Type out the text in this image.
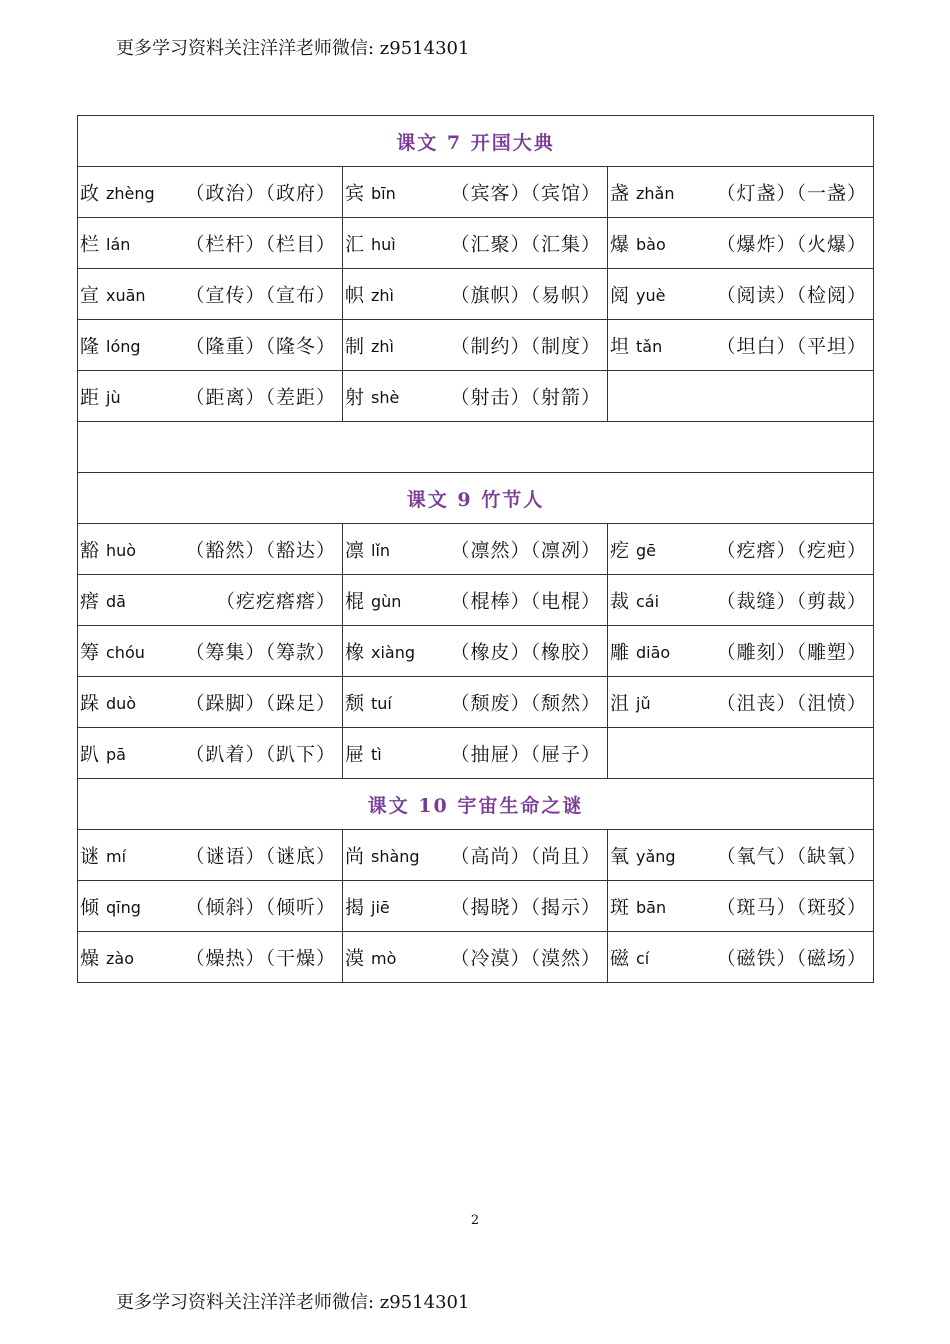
更多学习资料关注洋洋老师微信: z9514301
课文 7 开国大典		

政 zhèng （政治）（政府）	宾 bīn （宾客）（宾馆）	盏 zhǎn （灯盏）（一盏）

栏 lán （栏杆）（栏目）	汇 huì （汇聚）（汇集）	爆 bào （爆炸）（火爆）

宣 xuān （宣传）（宣布）	帜 zhì （旗帜）（易帜）	阅 yuè （阅读）（检阅）

隆 lóng （隆重）（隆冬）	制 zhì （制约）（制度）	坦 tǎn （坦白）（平坦）

距 jù （距离）（差距）	射 shè （射击）（射箭）	

课文 9 竹节人		

豁 huò （豁然）（豁达）	凛 lǐn （凛然）（凛冽）	疙 gē （疙瘩）（疙疤）

瘩 dā （疙疙瘩瘩）	棍 gùn （棍棒）（电棍）	裁 cái （裁缝）（剪裁）

筹 chóu （筹集）（筹款）	橡 xiàng （橡皮）（橡胶）	雕 diāo （雕刻）（雕塑）

跺 duò （跺脚）（跺足）	颓 tuí （颓废）（颓然）	沮 jǔ （沮丧）（沮愤）

趴 pā （趴着）（趴下）	屉 tì （抽屉）（屉子）	

课文 10 宇宙生命之谜		

谜 mí （谜语）（谜底）	尚 shàng （高尚）（尚且）	氧 yǎng （氧气）（缺氧）

倾 qīng （倾斜）（倾听）	揭 jiē （揭晓）（揭示）	斑 bān （斑马）（斑驳）

燥 zào （燥热）（干燥）	漠 mò （冷漠）（漠然）	磁 cí （磁铁）（磁场）
2
更多学习资料关注洋洋老师微信: z9514301
